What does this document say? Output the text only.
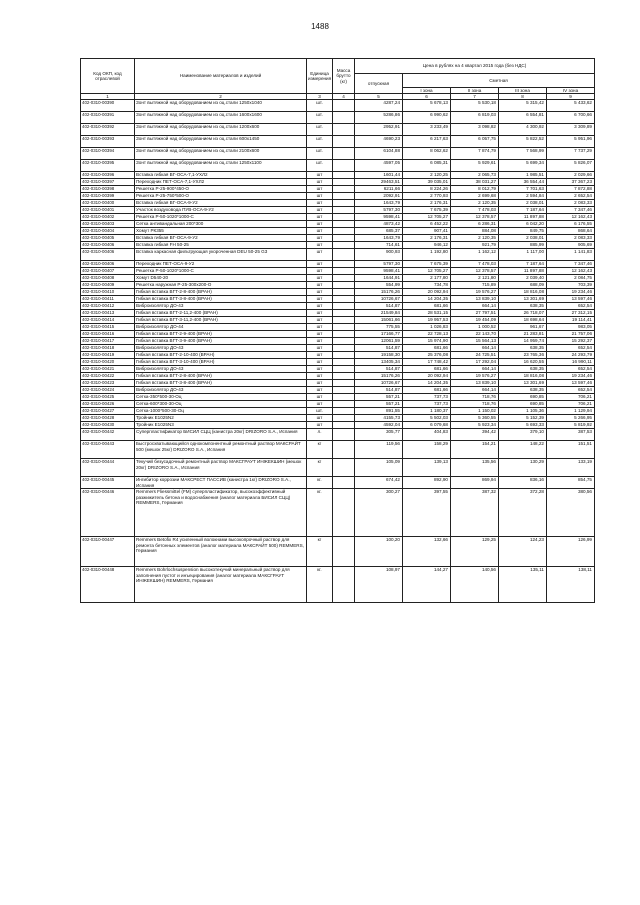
1488
Код ОКП, код отраслевой	Наименование материалов и изделий	Единица измерения	Масса брутто (кг)	Цена в рублях на 4 квартал 2015 года (без НДС)				
				отпускная	Сметная			
					I зона	II зона	III зона	IV зона
1	2	3	4	5	6	7	8	9
402-0310-00390	Зонт вытяжной над оборудованием из оц.стали 1250х1040	шт.		4287,24	5 678,13	5 530,18	5 315,42	5 433,62
402-0310-00391	Зонт вытяжной над оборудованием из оц.стали 1600х1600	шт.		5286,86	6 990,62	6 819,03	6 554,81	6 700,66
402-0310-00392	Зонт вытяжной над оборудованием из оц.стали 1200х600	шт.		2952,91	3 233,49	3 098,82	4 300,92	3 309,89
402-0310-00393	Зонт вытяжной над оборудованием из оц.стали 600х1450	шт.		4690,23	6 217,63	6 057,75	5 822,52	5 951,96
402-0310-00394	Зонт вытяжной над оборудованием из оц.стали 2100х600	шт.		6104,88	8 062,62	7 874,79	7 568,99	7 737,29
402-0310-00395	Зонт вытяжной над оборудованием из оц.стали 1250х1100	шт.		4597,05	6 085,31	5 929,61	5 699,34	5 826,07
402-0310-00396	Вставка гибкая ВГ-ОСА-7,1-УХЛ2	шт		1601,44	2 120,25	2 065,73	1 985,51	2 029,66
402-0310-00397	Переходник ПЕТ-ОСА-7,1-УХЛ2	шт		29463,51	39 035,01	38 031,27	36 554,44	37 367,23
402-0310-00398	Решетка Р-25-900*450-О	шт		6211,66	8 224,26	8 012,79	7 701,63	7 872,88
402-0310-00399	Решетка Р-25-750*500-О	шт		2092,91	2 770,93	2 699,68	2 594,84	2 652,54
402-0310-00400	Вставка гибкая ВГ-ОСА-9-У2	шт		1643,79	2 176,31	2 120,35	2 038,01	2 083,33
402-0310-00401	Участок воздуховода ПУВ-ОСА-9-У2	шт		5797,30	7 675,39	7 478,03	7 187,64	7 347,46
402-0310-00402	Решетка Р-50-1020*1000-С	шт		9598,41	12 705,27	12 378,57	11 897,88	12 162,43
402-0310-00403	Сетка антивандальная 200*300	шт		4873,42	6 452,22	6 286,31	6 042,20	6 176,55
402-0310-00404	Хомут РК355	шт		685,37	907,41	884,08	849,75	868,64
402-0310-00405	Вставка гибкая ВГ-ОСА-9-У2	шт		1643,79	2 176,31	2 120,35	2 038,01	2 083,33
402-0310-00406	Вставка гибкая FH 50-25	шт		714,61	946,12	921,79	885,99	905,69
402-0310-00406	Вставка каркасная фильтрующая укороченная DEU 50-25 G3	шт		900,93	1 192,80	1 162,12	1 117,00	1 141,83
402-0310-00406	Переходник ПЕТ-ОСА-9-У2	шт		5797,30	7 675,39	7 478,03	7 187,64	7 347,46
402-0310-00407	Решетка Р-50-1020*1000-С	шт		9598,41	12 705,27	12 378,57	11 897,88	12 162,43
402-0310-00408	Хомут D540-20	шт		1644,91	2 177,80	2 121,80	2 039,40	2 084,75
402-0310-00409	Решетка наружная Р-25-300х200-О	шт		554,99	734,78	715,89	688,09	703,39
402-0310-00410	Гибкая вставка ВГТ-2-8-400 (ВРАН)	шт		15176,26	20 092,94	19 576,27	18 816,08	19 234,46
402-0310-00411	Гибкая вставка ВГТ-3-8-400 (ВРАН)	шт		10726,67	14 204,35	13 839,10	13 301,69	13 597,46
402-0310-00412	Виброизолятор ДО-43	шт		514,87	681,66	664,14	638,35	652,54
402-0310-00413	Гибкая вставка ВГТ-2-11,2-400 (ВРАН)	шт		21549,84	28 531,15	27 797,51	26 718,07	27 312,15
402-0310-00414	Гибкая вставка ВГТ-3-11,2-400 (ВРАН)	шт		15061,66	19 957,53	19 454,09	18 698,64	19 114,41
402-0310-00415	Виброизолятор ДО-44	шт		775,55	1 026,83	1 000,52	961,67	983,05
402-0310-00416	Гибкая вставка ВГТ-2-9-400 (ВРАН)	шт		17166,77	22 728,13	22 143,70	21 283,81	21 757,06
402-0310-00417	Гибкая вставка ВГТ-3-9-400 (ВРАН)	шт		12061,59	15 974,90	15 564,13	14 959,74	15 292,37
402-0310-00418	Виброизолятор ДО-43	шт		514,87	681,66	664,14	638,35	652,54
402-0310-00419	Гибкая вставка ВГТ-2-10-400 (ВРАН)	шт		19158,30	25 376,08	24 725,51	23 765,36	24 293,79
402-0310-00420	Гибкая вставка ВГТ-3-10-400 (ВРАН)	шт		13405,34	17 748,42	17 292,04	16 620,55	16 990,11
402-0310-00421	Виброизолятор ДО-43	шт		514,87	681,66	664,14	638,35	652,54
402-0310-00422	Гибкая вставка ВГТ-2-8-400 (ВРАН)	шт		15176,26	20 092,94	19 576,27	18 816,08	19 234,46
402-0310-00423	Гибкая вставка ВГТ-3-8-400 (ВРАН)	шт		10726,67	14 204,35	13 839,10	13 301,69	13 597,46
402-0310-00424	Виброизолятор ДО-43	шт		514,87	681,66	664,14	638,35	652,54
402-0310-00425	Сетка-350*500-30-Оц	шт		557,21	737,73	718,76	690,85	706,21
402-0310-00426	Сетка-600*300-30-Оц	шт		557,21	737,73	718,76	690,85	706,21
402-0310-00427	Сетка-1000*500-30-Оц	шт.		891,55	1 180,37	1 150,02	1 105,36	1 129,94
402-0310-00428	Тройник Е1025N2	шт		4155,73	5 502,03	5 360,55	5 152,39	5 266,95
402-0310-00430	Тройник Е1025N3	шт		4592,04	6 079,68	5 923,34	5 693,33	5 819,92
402-0310-00442	Суперпластификатор БИСИЛ СЦЦ (канистра 20кг) DRIZORO S.A., Испания	л.		305,77	404,83	394,42	379,10	387,53
402-0310-00443	Быстросхватывающийся однокомпонентный ремонтный раствор МАКСРАЙТ 500 (мешок 25кг) DRIZORO S.A., Испания	кг		119,56	158,29	154,21	148,22	151,51
402-0310-00444	Текучий безусадочный ремонтный раствор МАКСГРАУТ ИНЖЕКШИН (мешок 20кг) DRIZORO S.A., Испания	кг		105,09	139,13	135,56	130,29	133,19
402-0310-00445	Ингибитор коррозии МАКСРЕСТ ПАССИВ (канистра 1кг) DRIZORO S.A., Испания	кг.		674,42	892,90	869,94	836,16	854,75
402-0310-00446	Remmers Fliessmittel (FM) суперпластификатор, высокоэффективный разжижитель бетона и водоснабжения (аналог материала БИСИЛ СЦЦ) REMMERS, Германия	кг.		300,27	397,55	387,32	372,28	380,56
402-0310-00447	Remmers Betofix R4 усиленный волокнами высокопрочный раствор для ремонта бетонных элементов (аналог материала МАКСРАЙТ 500) REMMERS, Германия	кг		100,20	132,66	129,25	124,23	126,99
402-0310-00448	Remmers Bohrlochsuspension высокотекучий минеральный раствор для заполнения пустот и инъецирования (аналог материала МАКСГРАУТ ИНЖЕКШИН) REMMERS, Германия	кг.		108,97	144,27	140,56	135,11	138,11
